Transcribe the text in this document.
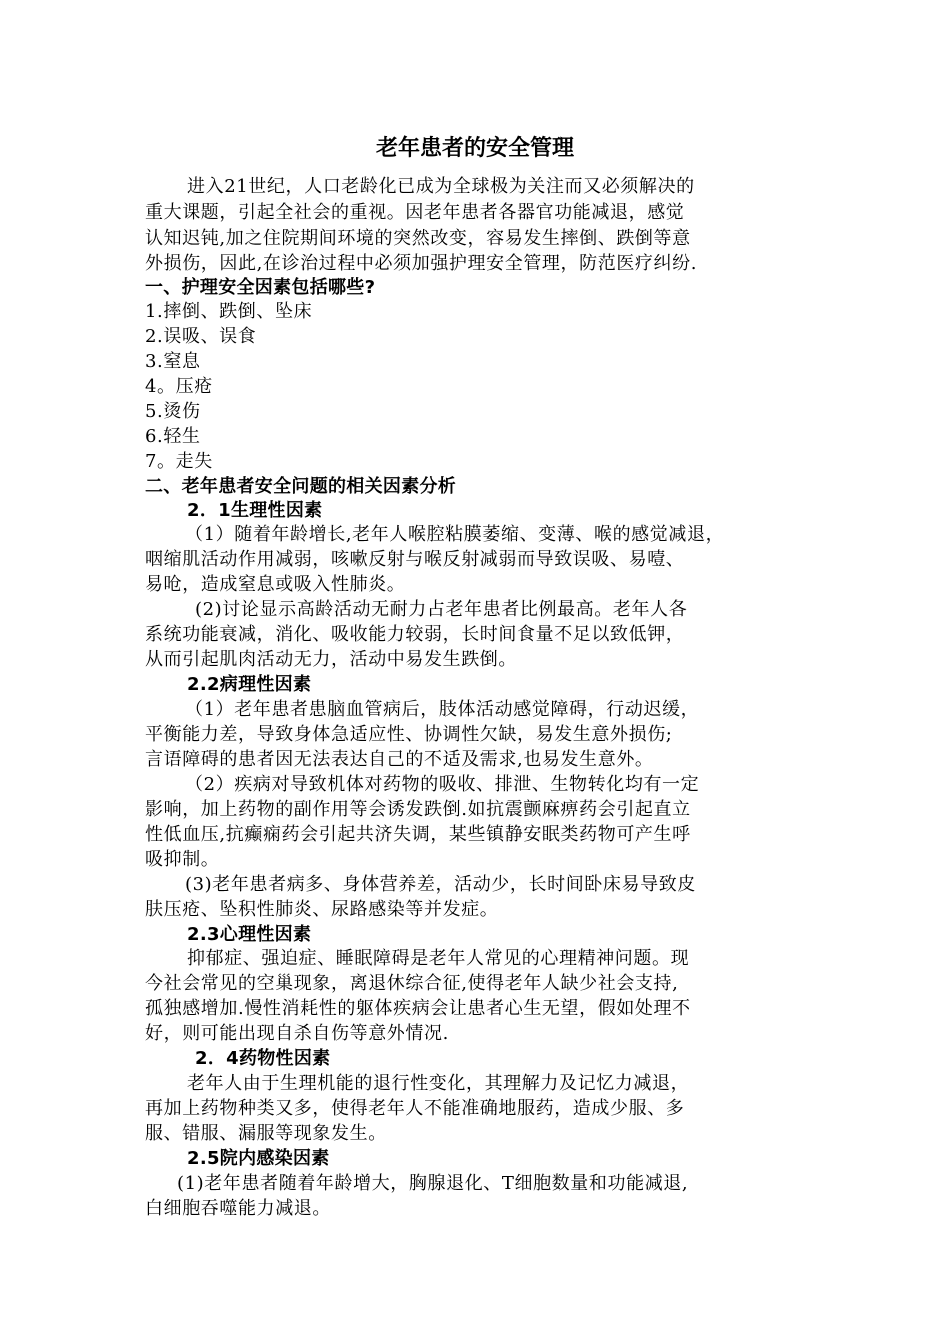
老年患者的安全管理
进入21世纪，人口老龄化已成为全球极为关注而又必须解决的
重大课题，引起全社会的重视。因老年患者各器官功能减退，感觉
认知迟钝,加之住院期间环境的突然改变，容易发生摔倒、跌倒等意
外损伤，因此,在诊治过程中必须加强护理安全管理，防范医疗纠纷.
一、护理安全因素包括哪些?
1.摔倒、跌倒、坠床
2.误吸、误食
3.窒息
4。压疮
5.烫伤
6.轻生
7。走失
二、老年患者安全问题的相关因素分析
2．1生理性因素
（1）随着年龄增长,老年人喉腔粘膜萎缩、变薄、喉的感觉减退，
咽缩肌活动作用减弱，咳嗽反射与喉反射减弱而导致误吸、易噎、
易呛，造成窒息或吸入性肺炎。
(2)讨论显示高龄活动无耐力占老年患者比例最高。老年人各
系统功能衰减，消化、吸收能力较弱，长时间食量不足以致低钾，
从而引起肌肉活动无力，活动中易发生跌倒。
2.2病理性因素
（1）老年患者患脑血管病后，肢体活动感觉障碍，行动迟缓，
平衡能力差，导致身体急适应性、协调性欠缺，易发生意外损伤;
言语障碍的患者因无法表达自己的不适及需求,也易发生意外。
（2）疾病对导致机体对药物的吸收、排泄、生物转化均有一定
影响，加上药物的副作用等会诱发跌倒.如抗震颤麻痹药会引起直立
性低血压,抗癫痫药会引起共济失调，某些镇静安眠类药物可产生呼
吸抑制。
(3)老年患者病多、身体营养差，活动少，长时间卧床易导致皮
肤压疮、坠积性肺炎、尿路感染等并发症。
2.3心理性因素
抑郁症、强迫症、睡眠障碍是老年人常见的心理精神问题。现
今社会常见的空巢现象，离退休综合征,使得老年人缺少社会支持,
孤独感增加.慢性消耗性的躯体疾病会让患者心生无望，假如处理不
好，则可能出现自杀自伤等意外情况.
2．4药物性因素
老年人由于生理机能的退行性变化，其理解力及记忆力减退，
再加上药物种类又多，使得老年人不能准确地服药，造成少服、多
服、错服、漏服等现象发生。
2.5院内感染因素
(1)老年患者随着年龄增大，胸腺退化、T细胞数量和功能减退,
白细胞吞噬能力减退。
